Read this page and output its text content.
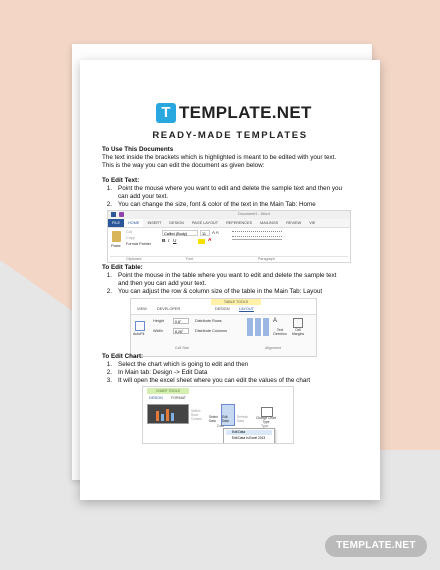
T TEMPLATE.NET
READY-MADE TEMPLATES
To Use This Documents
The text inside the brackets which is highlighted is meant to be edited with your text.
This is the way you can edit the document as given below:
To Edit Text:
1. Point the mouse where you want to edit and delete the sample text and then you
can add your text.
2. You can change the size, font & color of the text in the Main Tab: Home
Document1 - Word
FILE	HOME	INSERT	DESIGN	PAGE LAYOUT	REFERENCES	MAILINGS	REVIEW	VIE
Paste
Cut
Copy
Format Painter
Calibri (Body)	11	A A
B I U	A
Clipboard	Font	Paragraph
To Edit Table:
1. Point the mouse in the table where you want to edit and delete the sample text
and then you can add your text.
2. You can adjust the row & column size of the table in the Main Tab: Layout
TABLE TOOLS
VIEW	DEVELOPER	DESIGN LAYOUT
AutoFit
Height	0.6"
Width	6.26"
Distribute Rows
Distribute Columns
A
Text Direction
Cell Margins
Cell Size	Alignment
To Edit Chart:
1. Select the chart which is going to edit and then
2. In Main tab: Design -> Edit Data
3. It will open the excel sheet where you can edit the values of the chart
CHART TOOLS
DESIGN FORMAT
Switch Row/ Column	Select Data
Edit Data
Refresh Data
Change Chart Type
Data	Type
Edit Data
Edit Data in Excel 2013
TEMPLATE.NET
